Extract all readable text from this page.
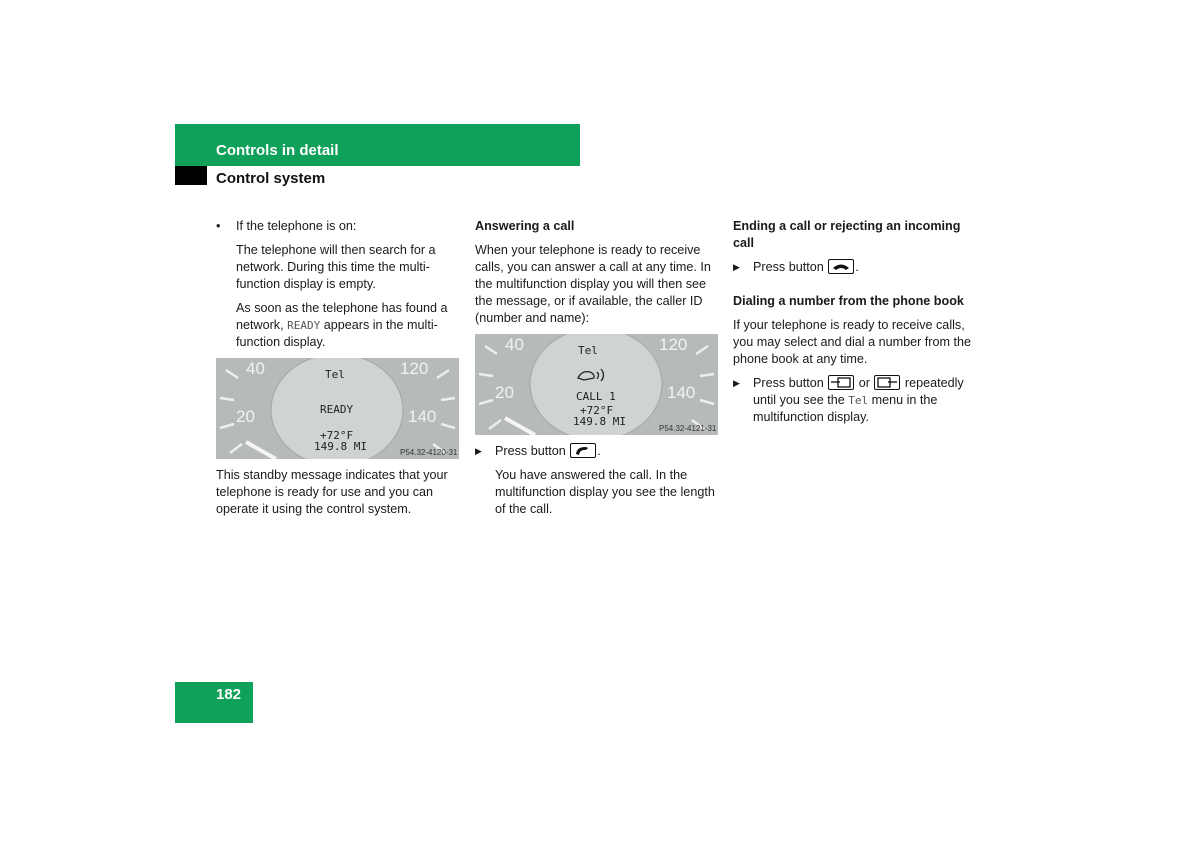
Controls in detail
Control system

• If the telephone is on:

The telephone will then search for a network. During this time the multi-function display is empty.

As soon as the telephone has found a network, READY appears in the multi-function display.

40
20
120
140
Tel
READY
+72°F
149.8 MI	P54.32-4120-31

This standby message indicates that your telephone is ready for use and you can operate it using the control system.

Answering a call

When your telephone is ready to receive calls, you can answer a call at any time. In the multifunction display you will then see the message, or if available, the caller ID (number and name):

40
20
120
140
Tel
CALL 1
+72°F
149.8 MI
P54.32-4121-31

▶ Press button
.

You have answered the call. In the multifunction display you see the length of the call.

Ending a call or rejecting an incoming call

▶ Press button
.

Dialing a number from the phone book

If your telephone is ready to receive calls, you may select and dial a number from the phone book at any time.

▶ Press button
or
repeatedly until you see the Tel menu in the multifunction display.

182
